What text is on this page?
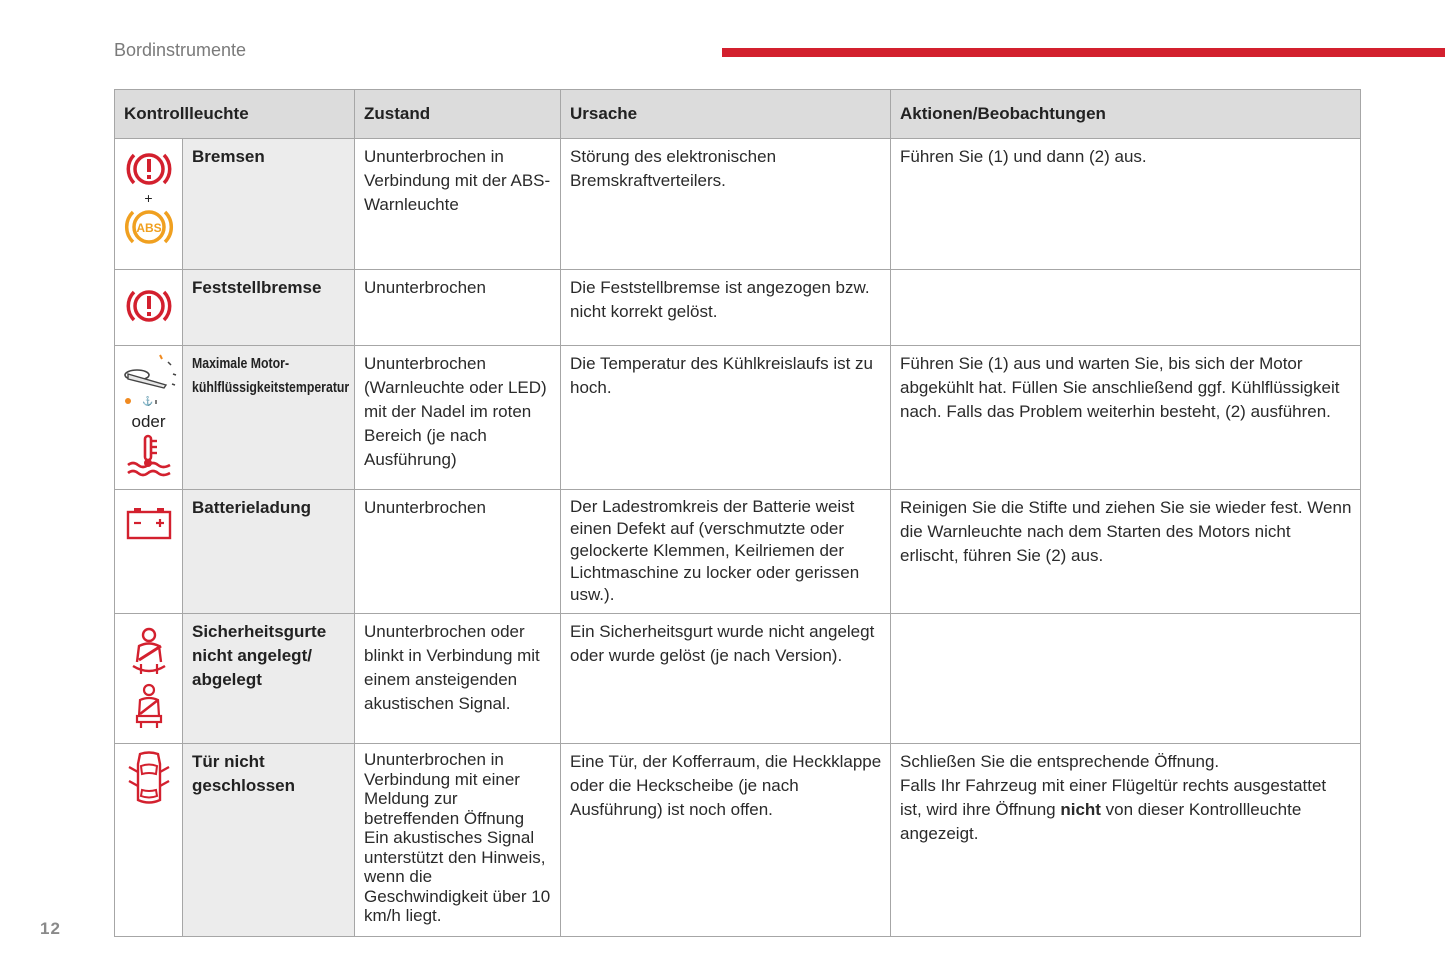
Bordinstrumente
Kontrollleuchte		Zustand	Ursache	Aktionen/Beobachtungen

+
ABS	Bremsen	Ununterbrochen in Verbindung mit der ABS-Warnleuchte	Störung des elektronischen Bremskraftverteilers.	Führen Sie (1) und dann (2) aus.

	Feststellbremse	Ununterbrochen	Die Feststellbremse ist angezogen bzw. nicht korrekt gelöst.	

⚓
oder	Maximale Motor-
kühlflüssigkeitstemperatur	Ununterbrochen (Warnleuchte oder LED) mit der Nadel im roten Bereich (je nach Ausführung)	Die Temperatur des Kühlkreislaufs ist zu hoch.	Führen Sie (1) aus und warten Sie, bis sich der Motor abgekühlt hat. Füllen Sie anschließend ggf. Kühlflüssigkeit nach. Falls das Problem weiterhin besteht, (2) ausführen.

	Batterieladung	Ununterbrochen	Der Ladestromkreis der Batterie weist einen Defekt auf (verschmutzte oder gelockerte Klemmen, Keilriemen der Lichtmaschine zu locker oder gerissen usw.).	Reinigen Sie die Stifte und ziehen Sie sie wieder fest. Wenn die Warnleuchte nach dem Starten des Motors nicht erlischt, führen Sie (2) aus.

	Sicherheitsgurte nicht angelegt/ abgelegt	Ununterbrochen oder blinkt in Verbindung mit einem ansteigenden akustischen Signal.	Ein Sicherheitsgurt wurde nicht angelegt oder wurde gelöst (je nach Version).	

	Tür nicht geschlossen	Ununterbrochen in Verbindung mit einer Meldung zur betreffenden Öffnung Ein akustisches Signal unterstützt den Hinweis, wenn die Geschwindigkeit über 10 km/h liegt.	Eine Tür, der Kofferraum, die Heckklappe oder die Heckscheibe (je nach Ausführung) ist noch offen.	Schließen Sie die entsprechende Öffnung.
Falls Ihr Fahrzeug mit einer Flügeltür rechts ausgestattet ist, wird ihre Öffnung nicht von dieser Kontrollleuchte angezeigt.
12
